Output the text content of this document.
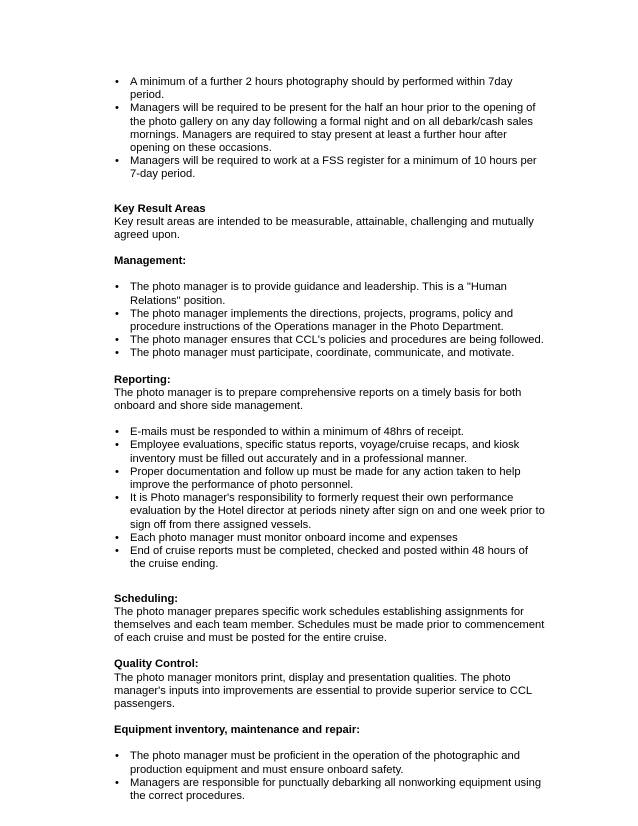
• A minimum of a further 2 hours photography should by performed within 7day period.
• Managers will be required to be present for the half an hour prior to the opening of the photo gallery on any day following a formal night and on all debark/cash sales mornings. Managers are required to stay present at least a further hour after opening on these occasions.
• Managers will be required to work at a FSS register for a minimum of 10 hours per 7-day period.

Key Result Areas

Key result areas are intended to be measurable, attainable, challenging and mutually agreed upon.

Management:

• The photo manager is to provide guidance and leadership. This is a "Human Relations" position.
• The photo manager implements the directions, projects, programs, policy and procedure instructions of the Operations manager in the Photo Department.
• The photo manager ensures that CCL's policies and procedures are being followed.
• The photo manager must participate, coordinate, communicate, and motivate.

Reporting:

The photo manager is to prepare comprehensive reports on a timely basis for both onboard and shore side management.

• E-mails must be responded to within a minimum of 48hrs of receipt.
• Employee evaluations, specific status reports, voyage/cruise recaps, and kiosk inventory must be filled out accurately and in a professional manner.
• Proper documentation and follow up must be made for any action taken to help improve the performance of photo personnel.
• It is Photo manager's responsibility to formerly request their own performance evaluation by the Hotel director at periods ninety after sign on and one week prior to sign off from there assigned vessels.
• Each photo manager must monitor onboard income and expenses
• End of cruise reports must be completed, checked and posted within 48 hours of the cruise ending.

Scheduling:

The photo manager prepares specific work schedules establishing assignments for themselves and each team member. Schedules must be made prior to commencement of each cruise and must be posted for the entire cruise.

Quality Control:

The photo manager monitors print, display and presentation qualities. The photo manager's inputs into improvements are essential to provide superior service to CCL passengers.

Equipment inventory, maintenance and repair:

• The photo manager must be proficient in the operation of the photographic and production equipment and must ensure onboard safety.
• Managers are responsible for punctually debarking all nonworking equipment using the correct procedures.
